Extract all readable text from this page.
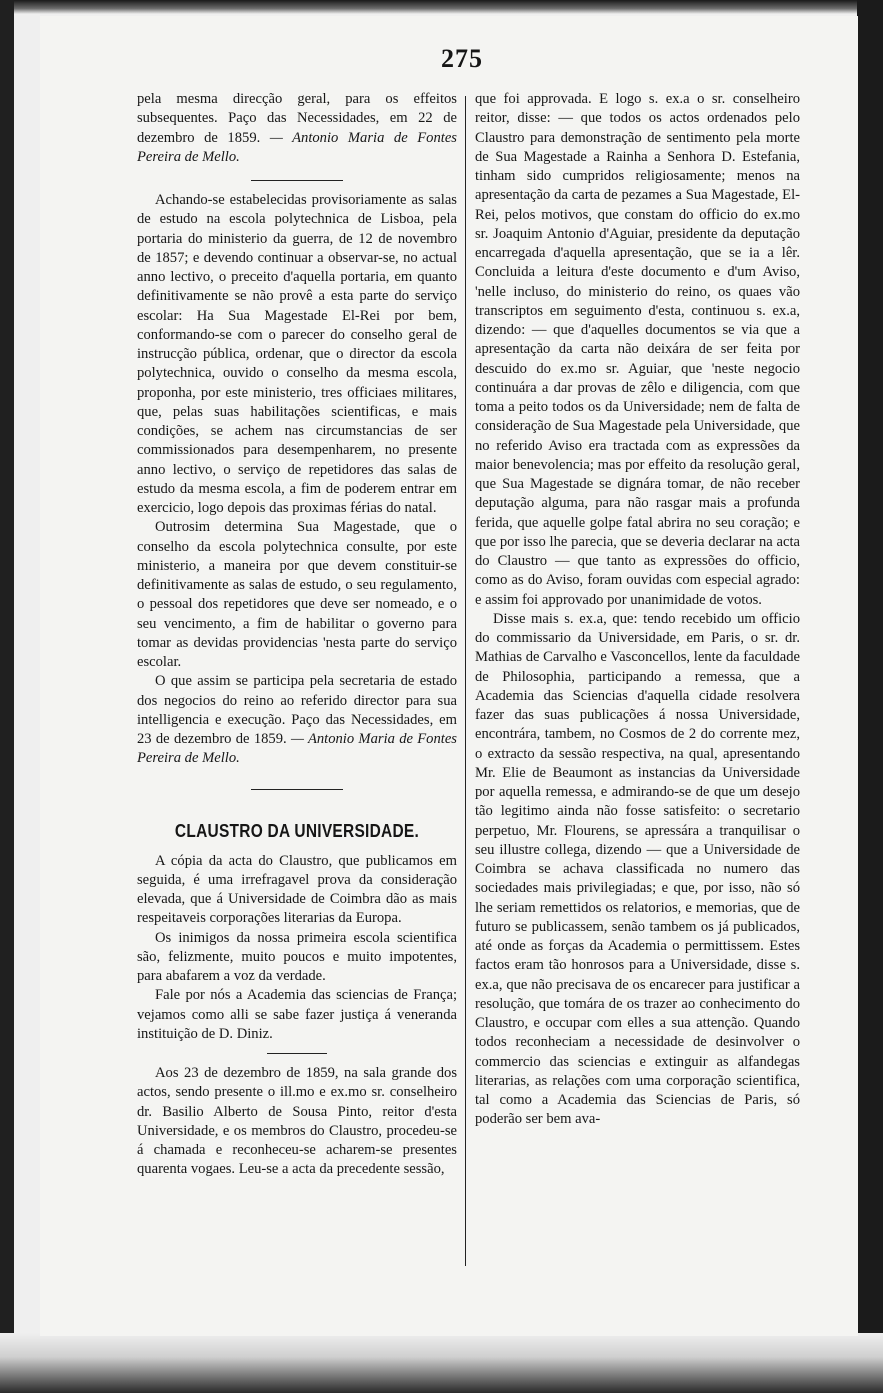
275

pela mesma direcção geral, para os effeitos subsequentes. Paço das Necessidades, em 22 de dezembro de 1859. — Antonio Maria de Fontes Pereira de Mello.

Achando-se estabelecidas provisoriamente as salas de estudo na escola polytechnica de Lisboa, pela portaria do ministerio da guerra, de 12 de novembro de 1857; e devendo continuar a observar-se, no actual anno lectivo, o preceito d'aquella portaria, em quanto definitivamente se não provê a esta parte do serviço escolar: Ha Sua Magestade El-Rei por bem, conformando-se com o parecer do conselho geral de instrucção pública, ordenar, que o director da escola polytechnica, ouvido o conselho da mesma escola, proponha, por este ministerio, tres officiaes militares, que, pelas suas habilitações scientificas, e mais condições, se achem nas circumstancias de ser commissionados para desempenharem, no presente anno lectivo, o serviço de repetidores das salas de estudo da mesma escola, a fim de poderem entrar em exercicio, logo depois das proximas férias do natal.

Outrosim determina Sua Magestade, que o conselho da escola polytechnica consulte, por este ministerio, a maneira por que devem constituir-se definitivamente as salas de estudo, o seu regulamento, o pessoal dos repetidores que deve ser nomeado, e o seu vencimento, a fim de habilitar o governo para tomar as devidas providencias 'nesta parte do serviço escolar.

O que assim se participa pela secretaria de estado dos negocios do reino ao referido director para sua intelligencia e execução. Paço das Necessidades, em 23 de dezembro de 1859. — Antonio Maria de Fontes Pereira de Mello.

CLAUSTRO DA UNIVERSIDADE.

A cópia da acta do Claustro, que publicamos em seguida, é uma irrefragavel prova da consideração elevada, que á Universidade de Coimbra dão as mais respeitaveis corporações literarias da Europa.

Os inimigos da nossa primeira escola scientifica são, felizmente, muito poucos e muito impotentes, para abafarem a voz da verdade.

Fale por nós a Academia das sciencias de França; vejamos como alli se sabe fazer justiça á veneranda instituição de D. Diniz.

Aos 23 de dezembro de 1859, na sala grande dos actos, sendo presente o ill.mo e ex.mo sr. conselheiro dr. Basilio Alberto de Sousa Pinto, reitor d'esta Universidade, e os membros do Claustro, procedeu-se á chamada e reconheceu-se acharem-se presentes quarenta vogaes. Leu-se a acta da precedente sessão,

que foi approvada. E logo s. ex.a o sr. conselheiro reitor, disse: — que todos os actos ordenados pelo Claustro para demonstração de sentimento pela morte de Sua Magestade a Rainha a Senhora D. Estefania, tinham sido cumpridos religiosamente; menos na apresentação da carta de pezames a Sua Magestade, El-Rei, pelos motivos, que constam do officio do ex.mo sr. Joaquim Antonio d'Aguiar, presidente da deputação encarregada d'aquella apresentação, que se ia a lêr. Concluida a leitura d'este documento e d'um Aviso, 'nelle incluso, do ministerio do reino, os quaes vão transcriptos em seguimento d'esta, continuou s. ex.a, dizendo: — que d'aquelles documentos se via que a apresentação da carta não deixára de ser feita por descuido do ex.mo sr. Aguiar, que 'neste negocio continuára a dar provas de zêlo e diligencia, com que toma a peito todos os da Universidade; nem de falta de consideração de Sua Magestade pela Universidade, que no referido Aviso era tractada com as expressões da maior benevolencia; mas por effeito da resolução geral, que Sua Magestade se dignára tomar, de não receber deputação alguma, para não rasgar mais a profunda ferida, que aquelle golpe fatal abrira no seu coração; e que por isso lhe parecia, que se deveria declarar na acta do Claustro — que tanto as expressões do officio, como as do Aviso, foram ouvidas com especial agrado: e assim foi approvado por unanimidade de votos.

Disse mais s. ex.a, que: tendo recebido um officio do commissario da Universidade, em Paris, o sr. dr. Mathias de Carvalho e Vasconcellos, lente da faculdade de Philosophia, participando a remessa, que a Academia das Sciencias d'aquella cidade resolvera fazer das suas publicações á nossa Universidade, encontrára, tambem, no Cosmos de 2 do corrente mez, o extracto da sessão respectiva, na qual, apresentando Mr. Elie de Beaumont as instancias da Universidade por aquella remessa, e admirando-se de que um desejo tão legitimo ainda não fosse satisfeito: o secretario perpetuo, Mr. Flourens, se apressára a tranquilisar o seu illustre collega, dizendo — que a Universidade de Coimbra se achava classificada no numero das sociedades mais privilegiadas; e que, por isso, não só lhe seriam remettidos os relatorios, e memorias, que de futuro se publicassem, senão tambem os já publicados, até onde as forças da Academia o permittissem. Estes factos eram tão honrosos para a Universidade, disse s. ex.a, que não precisava de os encarecer para justificar a resolução, que tomára de os trazer ao conhecimento do Claustro, e occupar com elles a sua attenção. Quando todos reconheciam a necessidade de desinvolver o commercio das sciencias e extinguir as alfandegas literarias, as relações com uma corporação scientifica, tal como a Academia das Sciencias de Paris, só poderão ser bem ava-
